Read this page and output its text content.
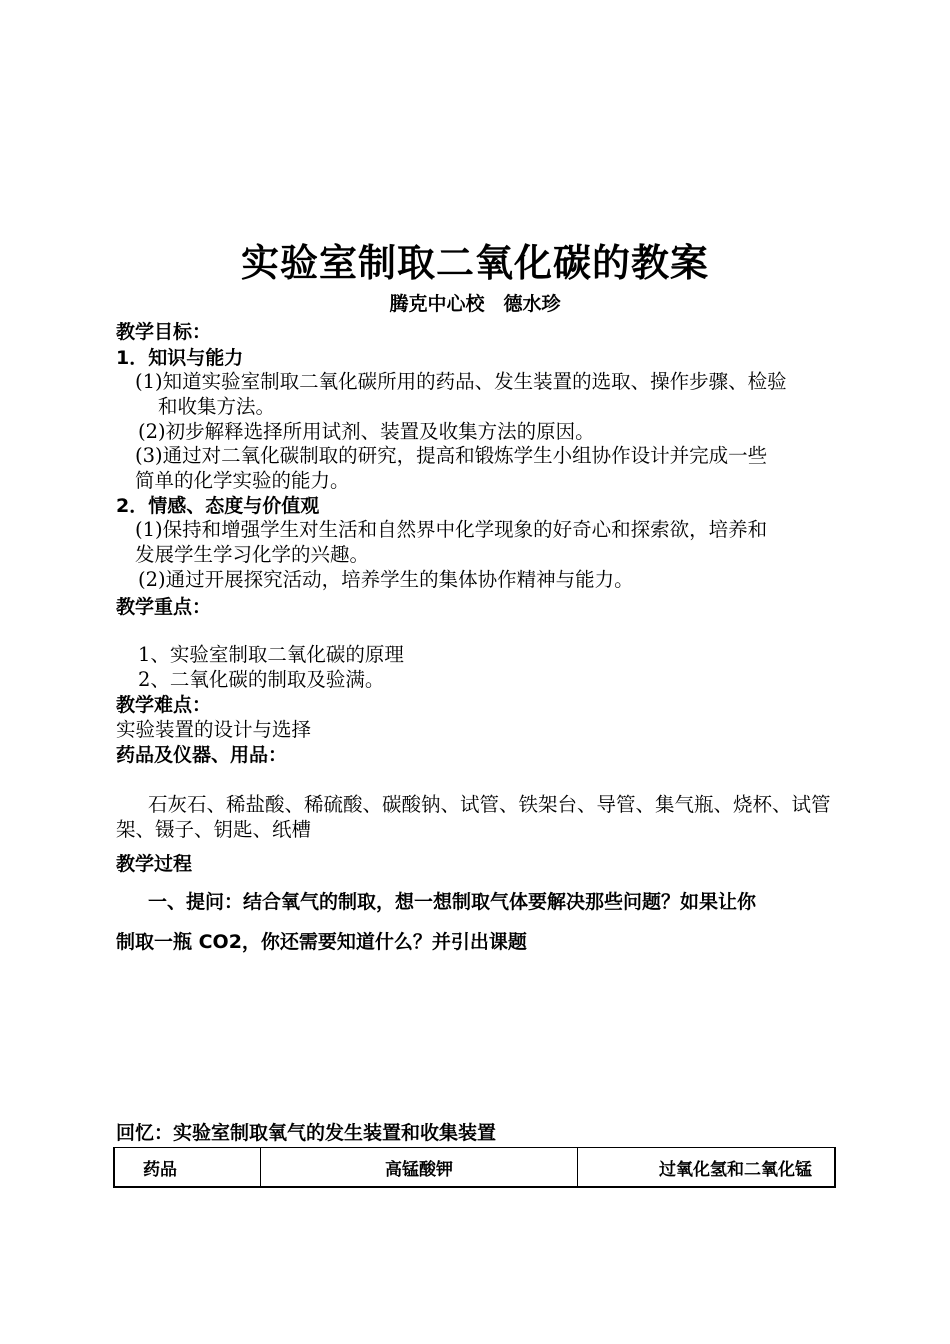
实验室制取二氧化碳的教案
腾克中心校　德水珍
教学目标：
1．知识与能力
(1)知道实验室制取二氧化碳所用的药品、发生装置的选取、操作步骤、检验
和收集方法。
(2)初步解释选择所用试剂、装置及收集方法的原因。
(3)通过对二氧化碳制取的研究，提高和锻炼学生小组协作设计并完成一些
简单的化学实验的能力。
2．情感、态度与价值观
(1)保持和增强学生对生活和自然界中化学现象的好奇心和探索欲，培养和
发展学生学习化学的兴趣。
(2)通过开展探究活动，培养学生的集体协作精神与能力。
教学重点：
1、实验室制取二氧化碳的原理
2、二氧化碳的制取及验满。
教学难点：
实验装置的设计与选择
药品及仪器、用品：
石灰石、稀盐酸、稀硫酸、碳酸钠、试管、铁架台、导管、集气瓶、烧杯、试管
架、镊子、钥匙、纸槽
教学过程
一、提问：结合氧气的制取，想一想制取气体要解决那些问题？如果让你
制取一瓶 CO2，你还需要知道什么？并引出课题
回忆：实验室制取氧气的发生装置和收集装置
药品	高锰酸钾	过氧化氢和二氧化锰
